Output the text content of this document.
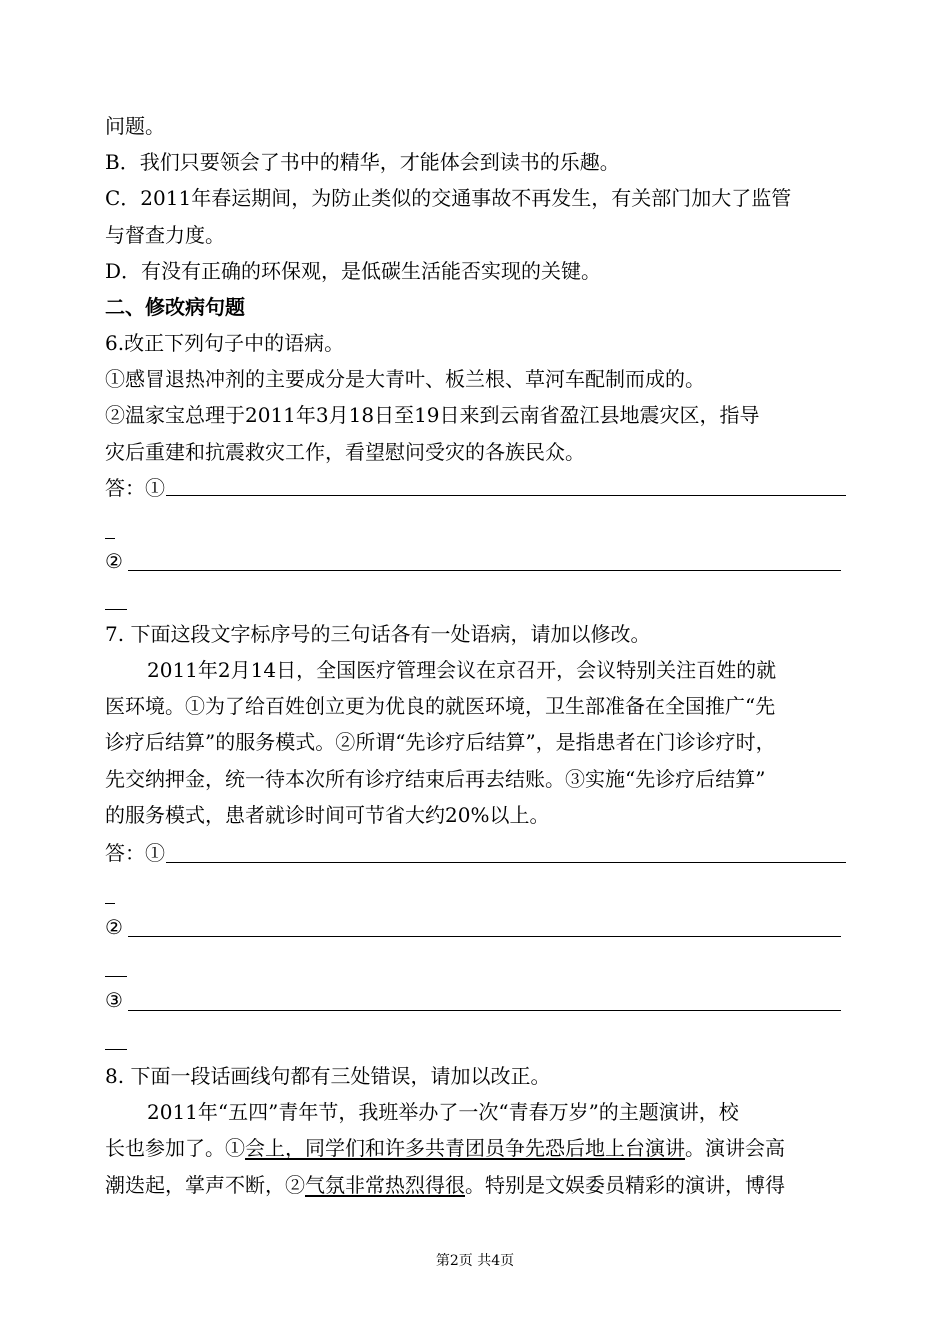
问题。
B．我们只要领会了书中的精华，才能体会到读书的乐趣。
C．2011年春运期间，为防止类似的交通事故不再发生，有关部门加大了监管
与督查力度。
D．有没有正确的环保观，是低碳生活能否实现的关键。
二、修改病句题
6.改正下列句子中的语病。
①感冒退热冲剂的主要成分是大青叶、板兰根、草河车配制而成的。
②温家宝总理于2011年3月18日至19日来到云南省盈江县地震灾区，指导
灾后重建和抗震救灾工作，看望慰问受灾的各族民众。
答：①
②
7. 下面这段文字标序号的三句话各有一处语病，请加以修改。
2011年2月14日，全国医疗管理会议在京召开，会议特别关注百姓的就
医环境。①为了给百姓创立更为优良的就医环境，卫生部准备在全国推广“先
诊疗后结算”的服务模式。②所谓“先诊疗后结算”，是指患者在门诊诊疗时，
先交纳押金，统一待本次所有诊疗结束后再去结账。③实施“先诊疗后结算”
的服务模式，患者就诊时间可节省大约20%以上。
答：①
②
③
8. 下面一段话画线句都有三处错误，请加以改正。
2011年“五四”青年节，我班举办了一次“青春万岁”的主题演讲，校
长也参加了。①会上，同学们和许多共青团员争先恐后地上台演讲。演讲会高
潮迭起，掌声不断，②气氛非常热烈得很。特别是文娱委员精彩的演讲，博得
第2页 共4页
